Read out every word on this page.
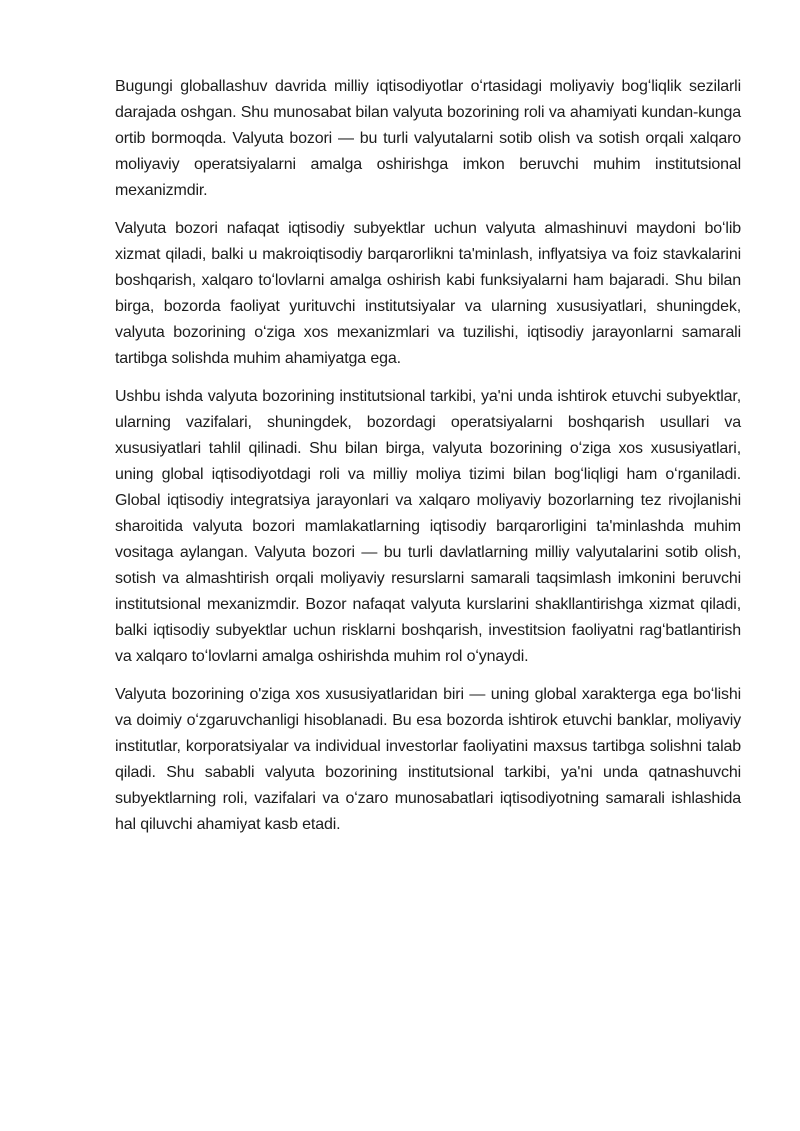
Bugungi globallashuv davrida milliy iqtisodiyotlar oʻrtasidagi moliyaviy bogʻliqlik sezilarli darajada oshgan. Shu munosabat bilan valyuta bozorining roli va ahamiyati kundan-kunga ortib bormoqda. Valyuta bozori — bu turli valyutalarni sotib olish va sotish orqali xalqaro moliyaviy operatsiyalarni amalga oshirishga imkon beruvchi muhim institutsional mexanizmdir.

Valyuta bozori nafaqat iqtisodiy subyektlar uchun valyuta almashinuvi maydoni boʻlib xizmat qiladi, balki u makroiqtisodiy barqarorlikni ta'minlash, inflyatsiya va foiz stavkalarini boshqarish, xalqaro toʻlovlarni amalga oshirish kabi funksiyalarni ham bajaradi. Shu bilan birga, bozorda faoliyat yurituvchi institutsiyalar va ularning xususiyatlari, shuningdek, valyuta bozorining oʻziga xos mexanizmlari va tuzilishi, iqtisodiy jarayonlarni samarali tartibga solishda muhim ahamiyatga ega.

Ushbu ishda valyuta bozorining institutsional tarkibi, ya'ni unda ishtirok etuvchi subyektlar, ularning vazifalari, shuningdek, bozordagi operatsiyalarni boshqarish usullari va xususiyatlari tahlil qilinadi. Shu bilan birga, valyuta bozorining oʻziga xos xususiyatlari, uning global iqtisodiyotdagi roli va milliy moliya tizimi bilan bogʻliqligi ham oʻrganiladi. Global iqtisodiy integratsiya jarayonlari va xalqaro moliyaviy bozorlarning tez rivojlanishi sharoitida valyuta bozori mamlakatlarning iqtisodiy barqarorligini ta'minlashda muhim vositaga aylangan. Valyuta bozori — bu turli davlatlarning milliy valyutalarini sotib olish, sotish va almashtirish orqali moliyaviy resurslarni samarali taqsimlash imkonini beruvchi institutsional mexanizmdir. Bozor nafaqat valyuta kurslarini shakllantirishga xizmat qiladi, balki iqtisodiy subyektlar uchun risklarni boshqarish, investitsion faoliyatni ragʻbatlantirish va xalqaro toʻlovlarni amalga oshirishda muhim rol oʻynaydi.

Valyuta bozorining o'ziga xos xususiyatlaridan biri — uning global xarakterga ega boʻlishi va doimiy oʻzgaruvchanligi hisoblanadi. Bu esa bozorda ishtirok etuvchi banklar, moliyaviy institutlar, korporatsiyalar va individual investorlar faoliyatini maxsus tartibga solishni talab qiladi. Shu sababli valyuta bozorining institutsional tarkibi, ya'ni unda qatnashuvchi subyektlarning roli, vazifalari va oʻzaro munosabatlari iqtisodiyotning samarali ishlashida hal qiluvchi ahamiyat kasb etadi.
